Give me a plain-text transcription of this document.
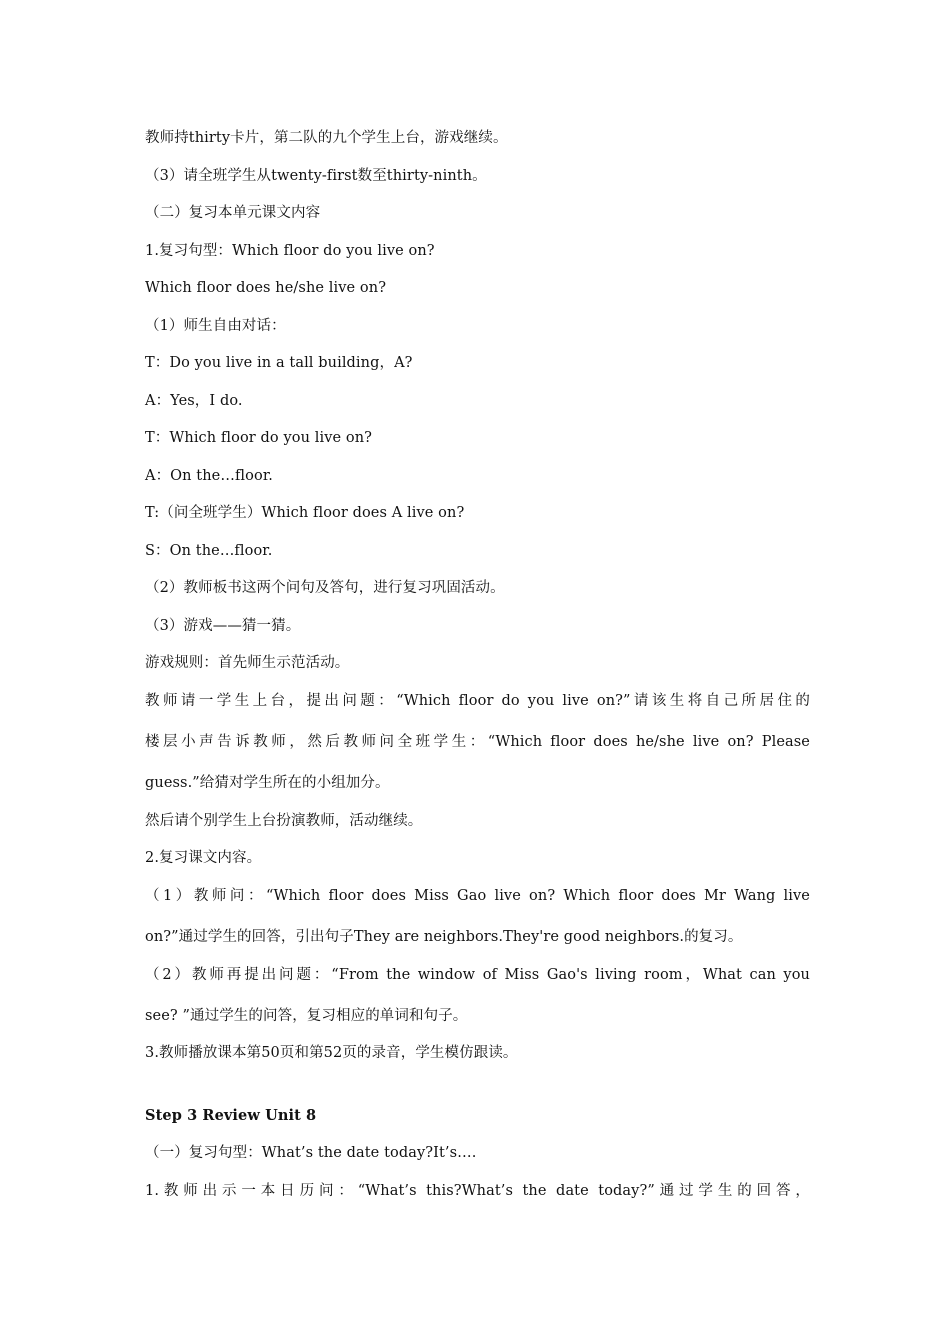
教师持thirty卡片，第二队的九个学生上台，游戏继续。
（3）请全班学生从twenty-first数至thirty-ninth。
（二）复习本单元课文内容
1.复习句型：Which floor do you live on?
Which floor does he/she live on?
（1）师生自由对话：
T：Do you live in a tall building，A?
A：Yes，I do.
T：Which floor do you live on?
A：On the…floor.
T:（问全班学生）Which floor does A live on?
S：On the…floor.
（2）教师板书这两个问句及答句，进行复习巩固活动。
（3）游戏——猜一猜。
游戏规则：首先师生示范活动。
教师请一学生上台，提出问题：“Which floor do you live on?”请该生将自己所居住的
楼层小声告诉教师，然后教师问全班学生：“Which floor does he/she live on? Please
guess.”给猜对学生所在的小组加分。
然后请个别学生上台扮演教师，活动继续。
2.复习课文内容。
（1）教师问：“Which floor does Miss Gao live on? Which floor does Mr Wang live
on?”通过学生的回答，引出句子They are neighbors.They're good neighbors.的复习。
（2）教师再提出问题：“From the window of Miss Gao's living room，What can you
see? ”通过学生的问答，复习相应的单词和句子。
3.教师播放课本第50页和第52页的录音，学生模仿跟读。
Step 3 Review Unit 8
（一）复习句型：What’s the date today?It’s….
1.教师出示一本日历问：“What’s this?What’s the date today?”通过学生的回答，
